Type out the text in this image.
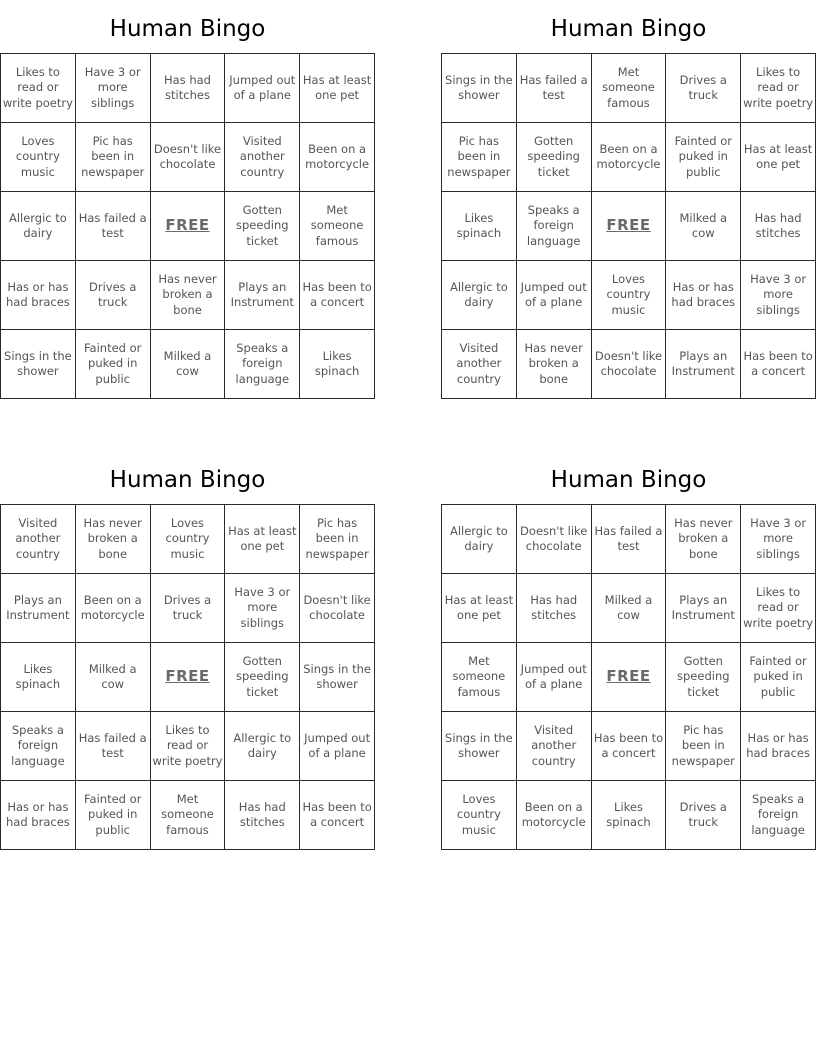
Human Bingo
Likes to read or write poetry	Have 3 or more siblings	Has had stitches	Jumped out of a plane	Has at least one pet
Loves country music	Pic has been in newspaper	Doesn't like chocolate	Visited another country	Been on a motorcycle
Allergic to dairy	Has failed a test	FREE	Gotten speeding ticket	Met someone famous
Has or has had braces	Drives a truck	Has never broken a bone	Plays an Instrument	Has been to a concert
Sings in the shower	Fainted or puked in public	Milked a cow	Speaks a foreign language	Likes spinach
Human Bingo
Sings in the shower	Has failed a test	Met someone famous	Drives a truck	Likes to read or write poetry
Pic has been in newspaper	Gotten speeding ticket	Been on a motorcycle	Fainted or puked in public	Has at least one pet
Likes spinach	Speaks a foreign language	FREE	Milked a cow	Has had stitches
Allergic to dairy	Jumped out of a plane	Loves country music	Has or has had braces	Have 3 or more siblings
Visited another country	Has never broken a bone	Doesn't like chocolate	Plays an Instrument	Has been to a concert
Human Bingo
Visited another country	Has never broken a bone	Loves country music	Has at least one pet	Pic has been in newspaper
Plays an Instrument	Been on a motorcycle	Drives a truck	Have 3 or more siblings	Doesn't like chocolate
Likes spinach	Milked a cow	FREE	Gotten speeding ticket	Sings in the shower
Speaks a foreign language	Has failed a test	Likes to read or write poetry	Allergic to dairy	Jumped out of a plane
Has or has had braces	Fainted or puked in public	Met someone famous	Has had stitches	Has been to a concert
Human Bingo
Allergic to dairy	Doesn't like chocolate	Has failed a test	Has never broken a bone	Have 3 or more siblings
Has at least one pet	Has had stitches	Milked a cow	Plays an Instrument	Likes to read or write poetry
Met someone famous	Jumped out of a plane	FREE	Gotten speeding ticket	Fainted or puked in public
Sings in the shower	Visited another country	Has been to a concert	Pic has been in newspaper	Has or has had braces
Loves country music	Been on a motorcycle	Likes spinach	Drives a truck	Speaks a foreign language
